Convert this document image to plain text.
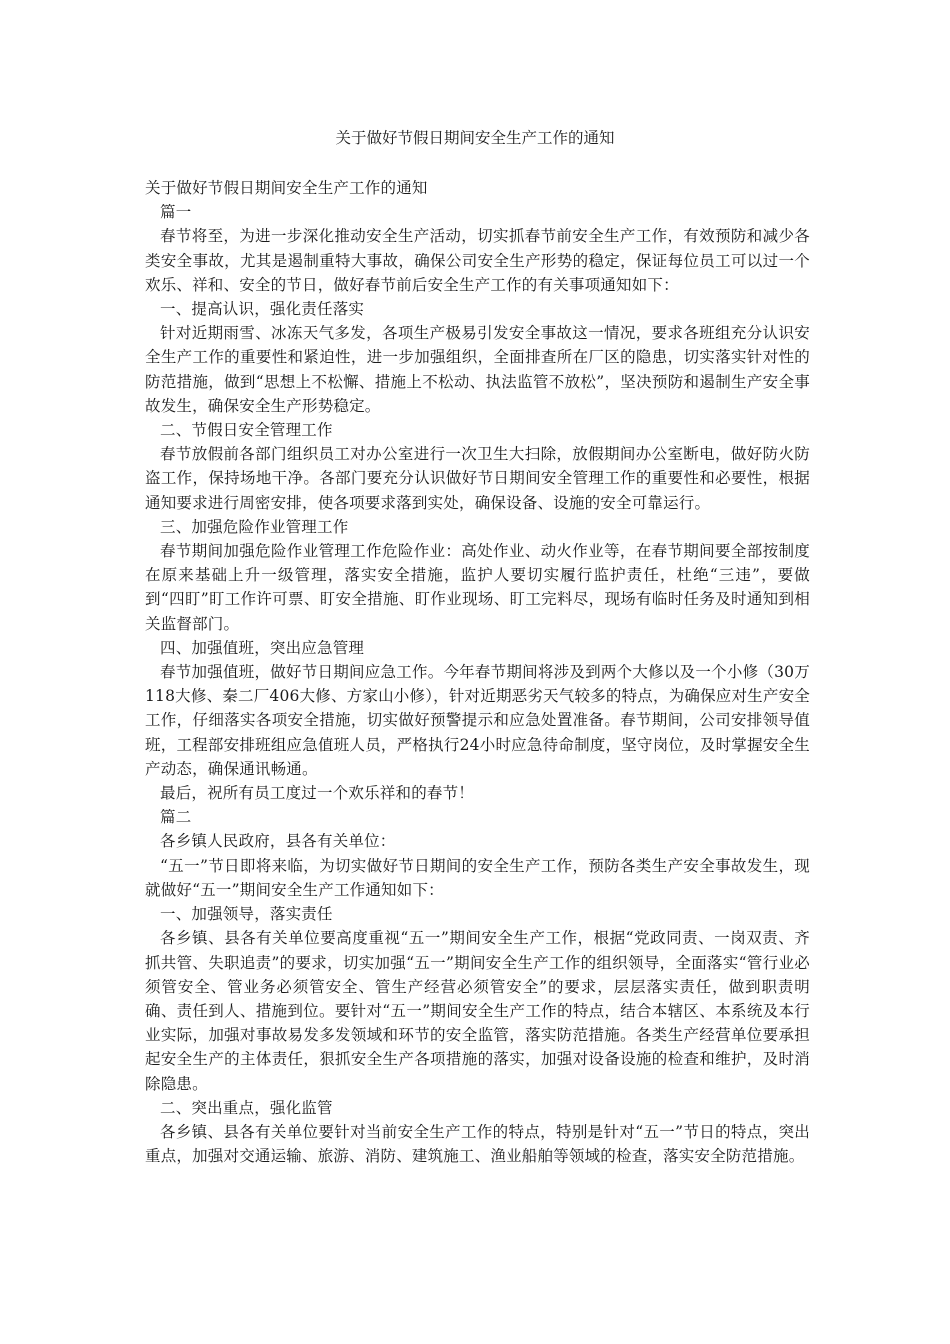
关于做好节假日期间安全生产工作的通知

关于做好节假日期间安全生产工作的通知

篇一

春节将至，为进一步深化推动安全生产活动，切实抓春节前安全生产工作，有效预防和减少各类安全事故，尤其是遏制重特大事故，确保公司安全生产形势的稳定，保证每位员工可以过一个欢乐、祥和、安全的节日，做好春节前后安全生产工作的有关事项通知如下：

一、提高认识，强化责任落实

针对近期雨雪、冰冻天气多发，各项生产极易引发安全事故这一情况，要求各班组充分认识安全生产工作的重要性和紧迫性，进一步加强组织，全面排查所在厂区的隐患，切实落实针对性的防范措施，做到“思想上不松懈、措施上不松动、执法监管不放松”，坚决预防和遏制生产安全事故发生，确保安全生产形势稳定。

二、节假日安全管理工作

春节放假前各部门组织员工对办公室进行一次卫生大扫除，放假期间办公室断电，做好防火防盗工作，保持场地干净。各部门要充分认识做好节日期间安全管理工作的重要性和必要性，根据通知要求进行周密安排，使各项要求落到实处，确保设备、设施的安全可靠运行。

三、加强危险作业管理工作

春节期间加强危险作业管理工作危险作业：高处作业、动火作业等，在春节期间要全部按制度在原来基础上升一级管理，落实安全措施，监护人要切实履行监护责任，杜绝“三违”，要做到“四盯”盯工作许可票、盯安全措施、盯作业现场、盯工完料尽，现场有临时任务及时通知到相关监督部门。

四、加强值班，突出应急管理

春节加强值班，做好节日期间应急工作。今年春节期间将涉及到两个大修以及一个小修（30万118大修、秦二厂406大修、方家山小修），针对近期恶劣天气较多的特点，为确保应对生产安全工作，仔细落实各项安全措施，切实做好预警提示和应急处置准备。春节期间，公司安排领导值班，工程部安排班组应急值班人员，严格执行24小时应急待命制度，坚守岗位，及时掌握安全生产动态，确保通讯畅通。

最后，祝所有员工度过一个欢乐祥和的春节！

篇二

各乡镇人民政府，县各有关单位：

“五一”节日即将来临，为切实做好节日期间的安全生产工作，预防各类生产安全事故发生，现就做好“五一”期间安全生产工作通知如下：

一、加强领导，落实责任

各乡镇、县各有关单位要高度重视“五一”期间安全生产工作，根据“党政同责、一岗双责、齐抓共管、失职追责”的要求，切实加强“五一”期间安全生产工作的组织领导，全面落实“管行业必须管安全、管业务必须管安全、管生产经营必须管安全”的要求，层层落实责任，做到职责明确、责任到人、措施到位。要针对“五一”期间安全生产工作的特点，结合本辖区、本系统及本行业实际，加强对事故易发多发领域和环节的安全监管，落实防范措施。各类生产经营单位要承担起安全生产的主体责任，狠抓安全生产各项措施的落实，加强对设备设施的检查和维护，及时消除隐患。

二、突出重点，强化监管

各乡镇、县各有关单位要针对当前安全生产工作的特点，特别是针对“五一”节日的特点，突出重点，加强对交通运输、旅游、消防、建筑施工、渔业船舶等领域的检查，落实安全防范措施。
